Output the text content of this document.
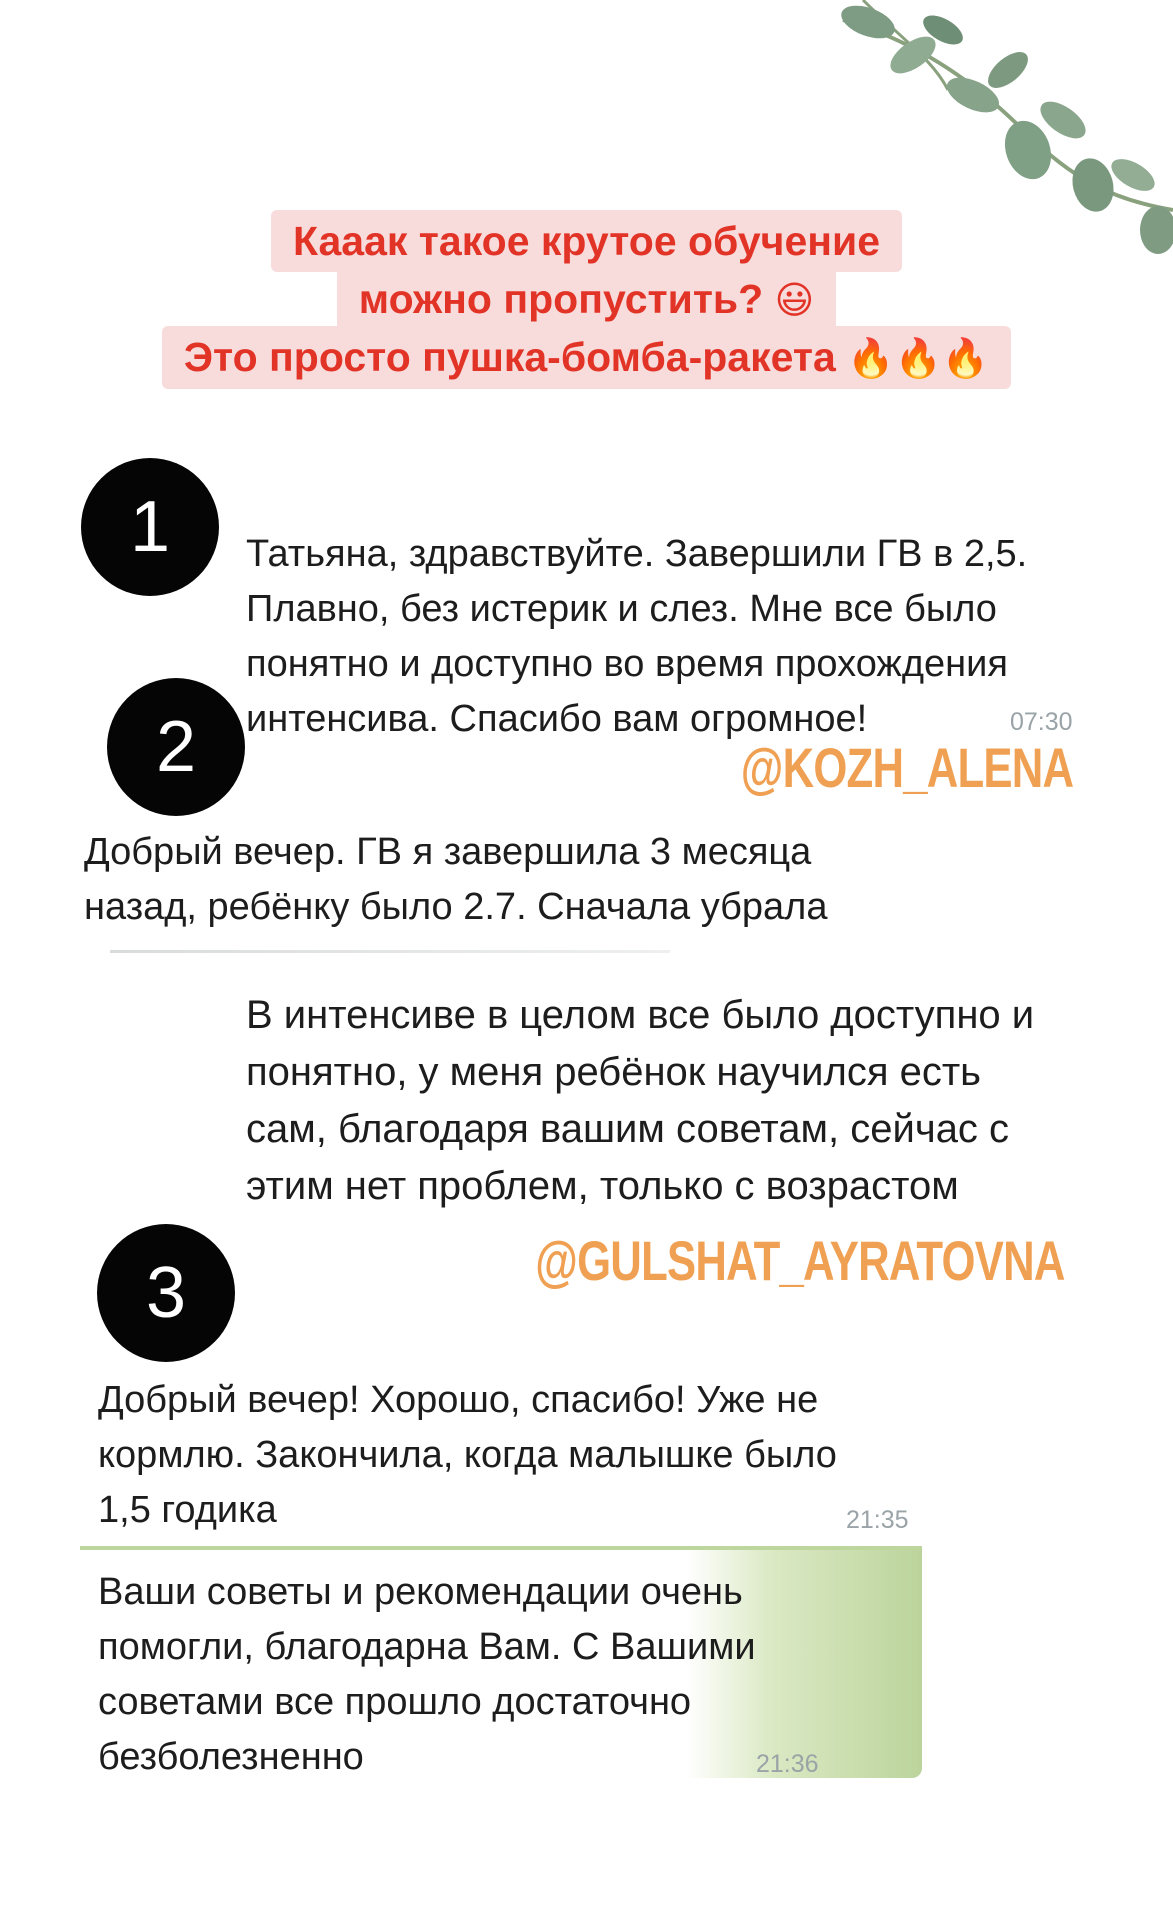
Кааак такое крутое обучение
можно пропустить? 😃
Это просто пушка-бомба-ракета 🔥🔥🔥
1	Татьяна, здравствуйте. Завершили ГВ в 2,5.

Плавно, без истерик и слез. Мне все было

понятно и доступно во время прохождения

интенсива. Спасибо вам огромное!	07:30
2	@KOZH_ALENA

Добрый вечер. ГВ я завершила 3 месяца

назад, ребёнку было 2.7. Сначала убрала

В интенсиве в целом все было доступно и

понятно, у меня ребёнок научился есть

сам, благодаря вашим советам, сейчас с

этим нет проблем, только с возрастом

3	@GULSHAT_AYRATOVNA

Добрый вечер! Хорошо, спасибо! Уже не

кормлю. Закончила, когда малышке было

1,5 годика	21:35

Ваши советы и рекомендации очень

помогли, благодарна Вам. С Вашими

советами все прошло достаточно

безболезненно	21:36
